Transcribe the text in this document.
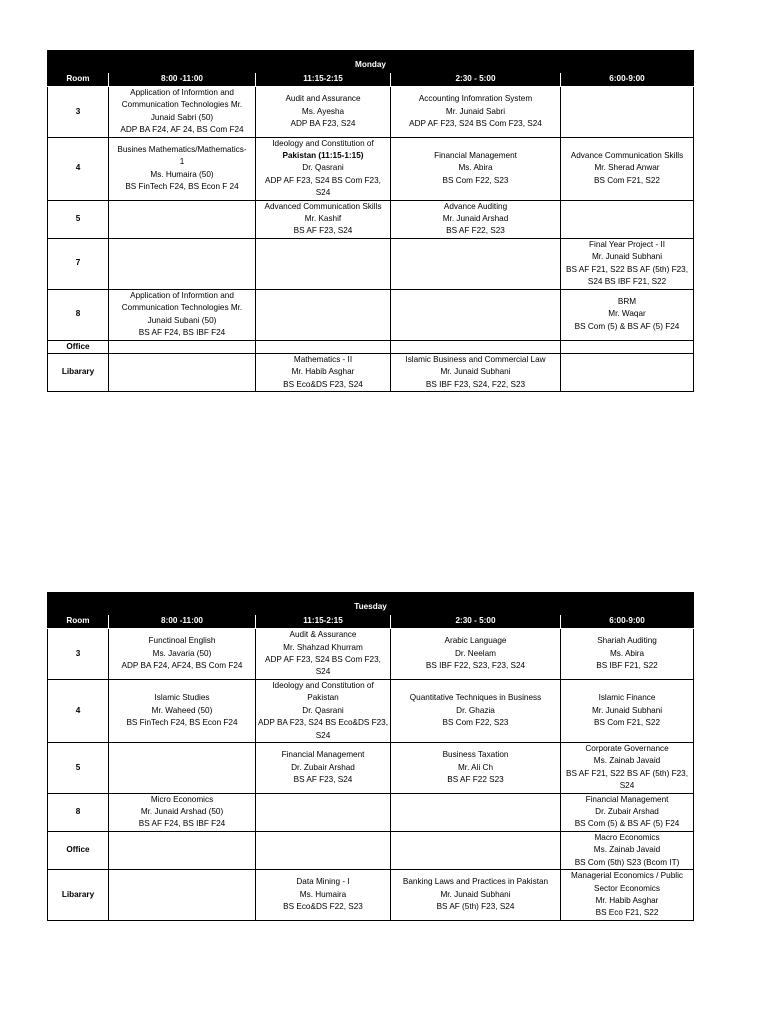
Monday				
Room	8:00 -11:00	11:15-2:15	2:30 - 5:00	6:00-9:00
3	Application of Informtion and
Communication Technologies Mr.
Junaid Sabri (50)
ADP BA F24, AF 24, BS Com F24	Audit and Assurance
Ms. Ayesha
ADP BA F23, S24	Accounting Infomration System
Mr. Junaid Sabri
ADP AF F23, S24 BS Com F23, S24	

4	Busines Mathematics/Mathematics-
1
Ms. Humaira (50)
BS FinTech F24, BS Econ F 24	Ideology and Constitution of
Pakistan (11:15-1:15)
Dr. Qasrani
ADP AF F23, S24 BS Com F23,
S24	Financial Management
Ms. Abira
BS Com F22, S23	Advance Communication Skills
Mr. Sherad Anwar
BS Com F21, S22

5		Advanced Communication Skills
Mr. Kashif
BS AF F23, S24	Advance Auditing
Mr. Junaid Arshad
BS AF F22, S23	

7				Final Year Project - II
Mr. Junaid Subhani
BS AF F21, S22 BS AF (5th) F23,
S24 BS IBF F21, S22

8	Application of Informtion and
Communication Technologies Mr.
Junaid Subani (50)
BS AF F24, BS IBF F24			BRM
Mr. Waqar
BS Com (5) & BS AF (5) F24

Office				
Libarary		Mathematics - II
Mr. Habib Asghar
BS Eco&DS F23, S24	Islamic Business and Commercial Law
Mr. Junaid Subhani
BS IBF F23, S24, F22, S23	

Tuesday				
Room	8:00 -11:00	11:15-2:15	2:30 - 5:00	6:00-9:00
3	Functinoal English
Ms. Javaria (50)
ADP BA F24, AF24, BS Com F24	Audit & Assurance
Mr. Shahzad Khurram
ADP AF F23, S24 BS Com F23,
S24	Arabic Language
Dr. Neelam
BS IBF F22, S23, F23, S24	Shariah Auditing
Ms. Abira
BS IBF F21, S22

4	Islamic Studies
Mr. Waheed (50)
BS FinTech F24, BS Econ F24	Ideology and Constitution of
Pakistan
Dr. Qasrani
ADP BA F23, S24 BS Eco&DS F23,
S24	Quantitative Techniques in Business
Dr. Ghazia
BS Com F22, S23	Islamic Finance
Mr. Junaid Subhani
BS Com F21, S22

5		Financial Management
Dr. Zubair Arshad
BS AF F23, S24	Business Taxation
Mr. Ali Ch
BS AF F22 S23	Corporate Governance
Ms. Zainab Javaid
BS AF F21, S22 BS AF (5th) F23,
S24

8	Micro Economics
Mr. Junaid Arshad (50)
BS AF F24, BS IBF F24			Financial Management
Dr. Zubair Arshad
BS Com (5) & BS AF (5) F24

Office				Macro Economics
Ms. Zainab Javaid
BS Com (5th) S23 (Bcom IT)

Libarary		Data Mining - I
Ms. Humaira
BS Eco&DS F22, S23	Banking Laws and Practices in Pakistan
Mr. Junaid Subhani
BS AF (5th) F23, S24	Managerial Economics / Public
Sector Economics
Mr. Habib Asghar
BS Eco F21, S22
